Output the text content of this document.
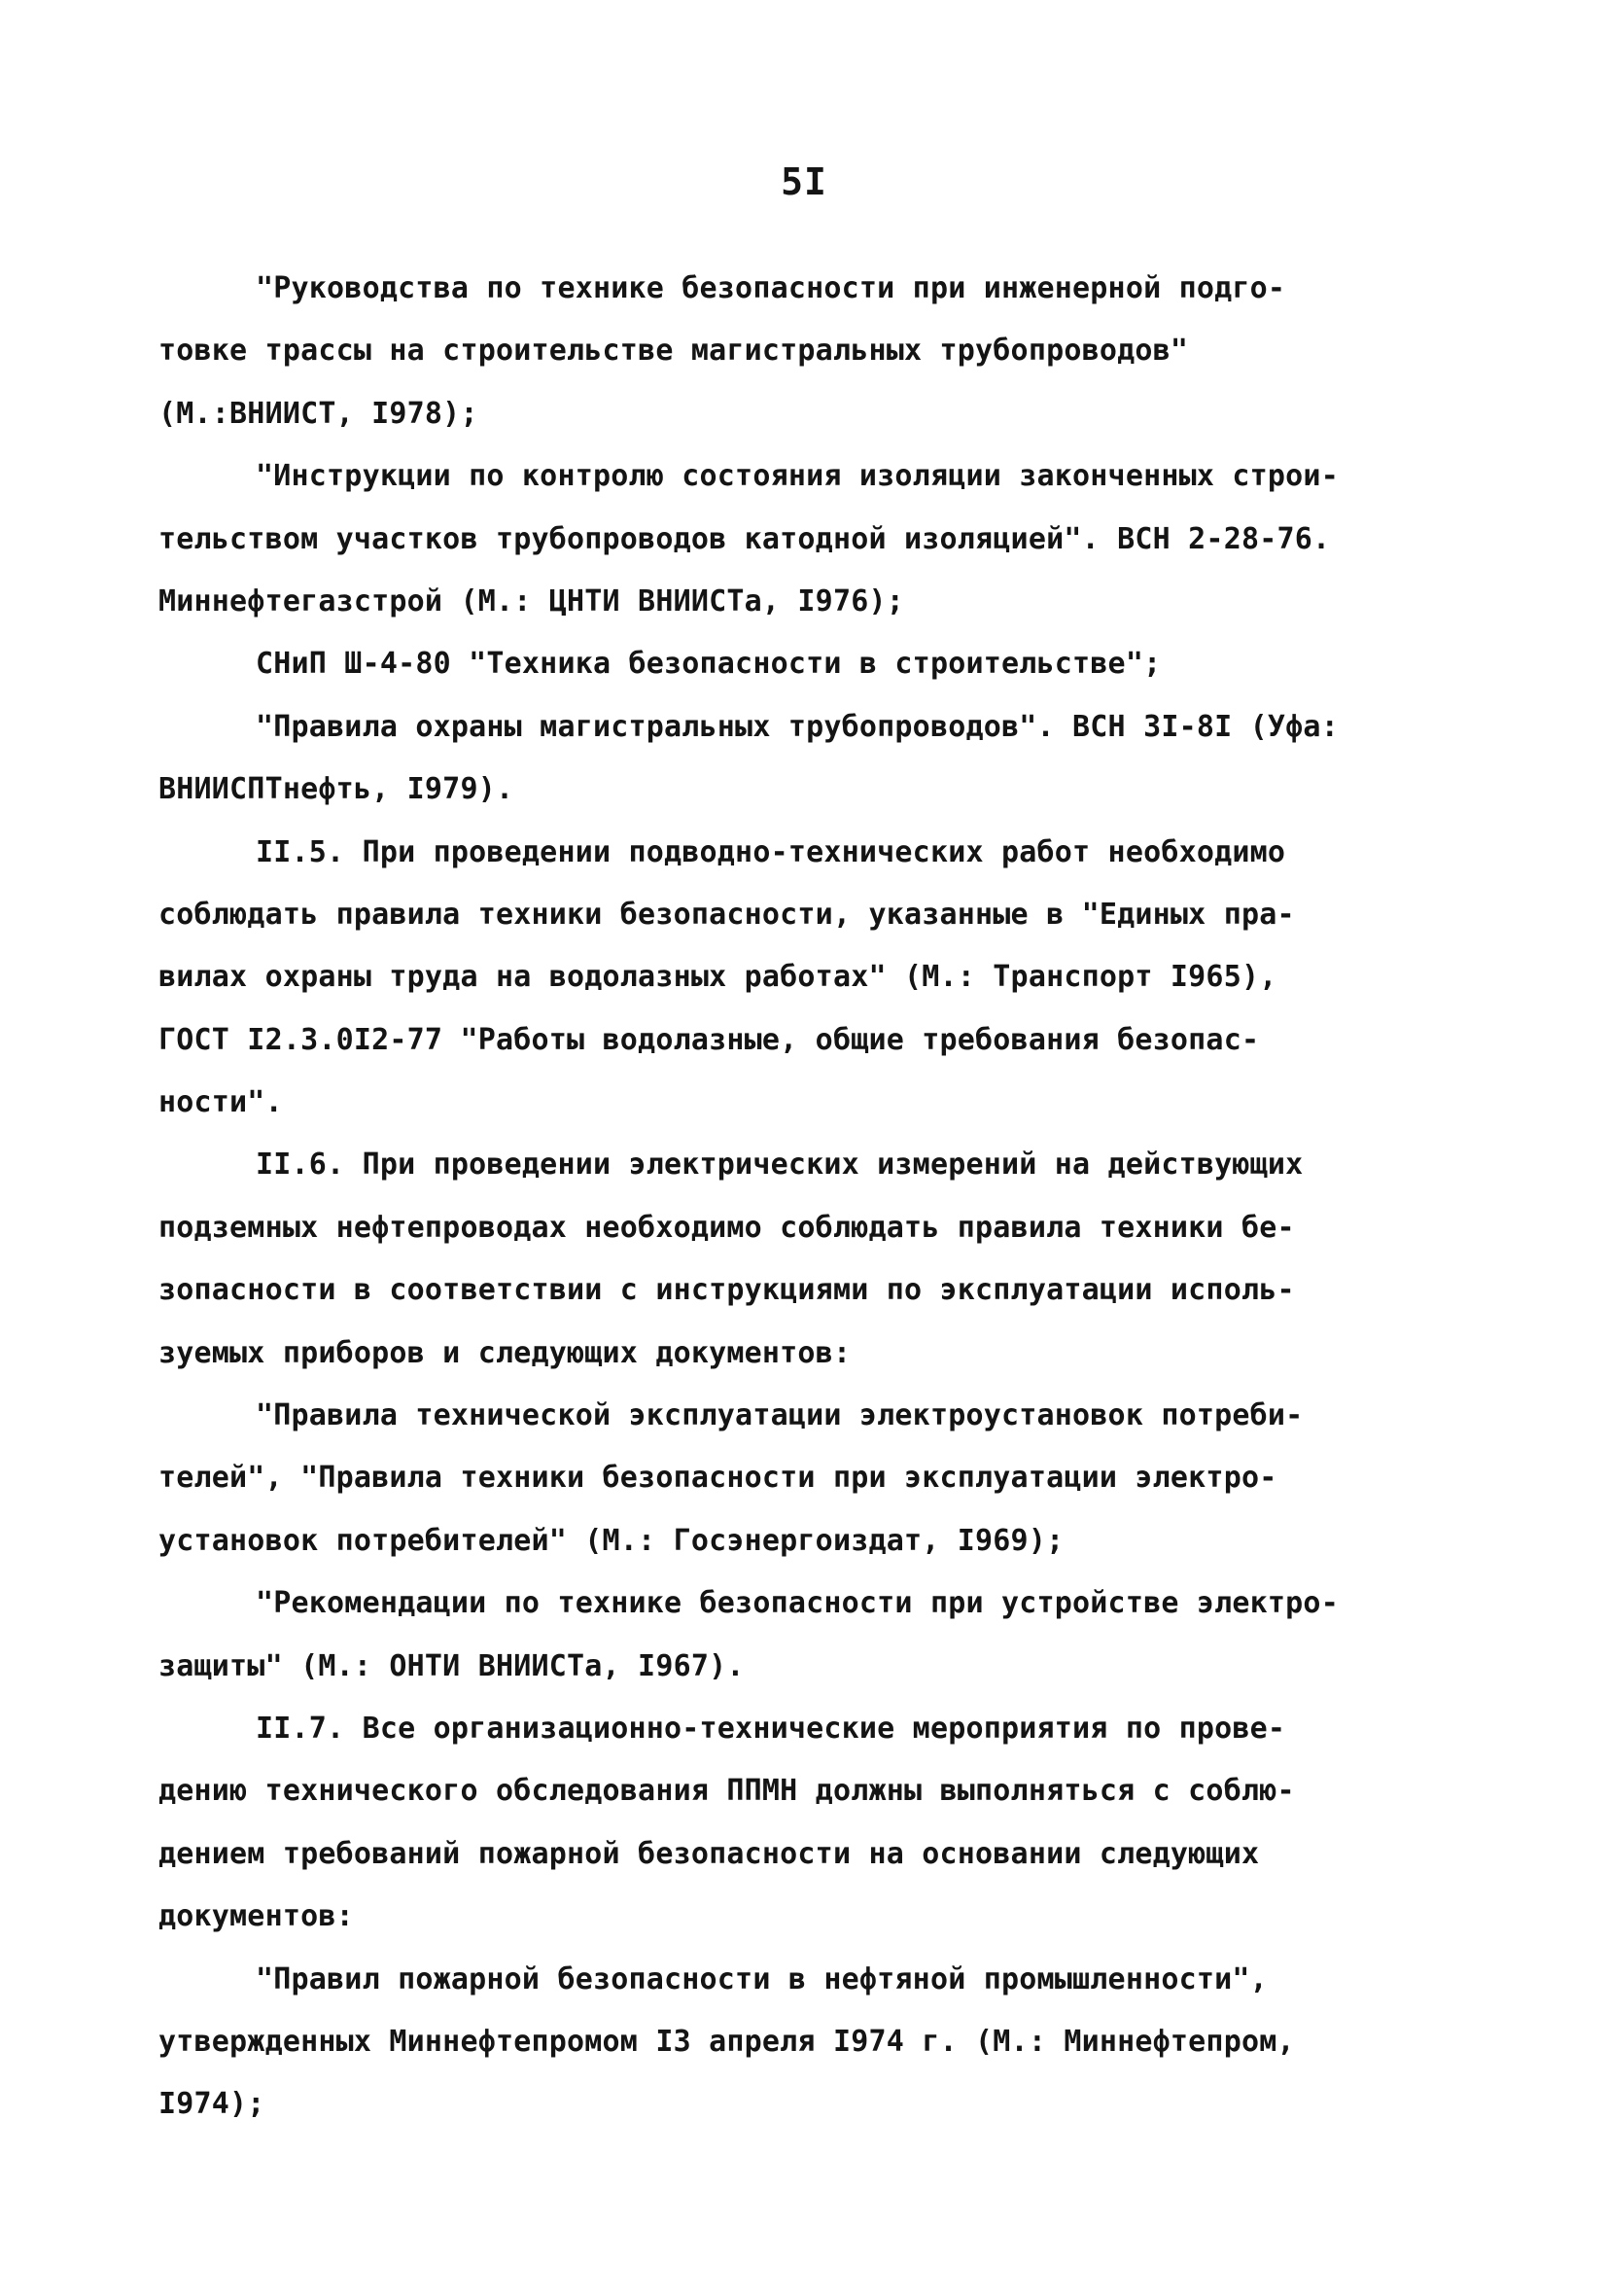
5I
"Руководства по технике безопасности при инженерной подго-
товке трассы на строительстве магистральных трубопроводов"
(М.:ВНИИСТ, I978);
"Инструкции по контролю состояния изоляции законченных строи-
тельством участков трубопроводов катодной изоляцией". ВСН 2-28-76.
Миннефтегазстрой (М.: ЦНТИ ВНИИСТа, I976);
СНиП Ш-4-80 "Техника безопасности в строительстве";
"Правила охраны магистральных трубопроводов". ВСН 3I-8I (Уфа:
ВНИИСПТнефть, I979).
II.5. При проведении подводно-технических работ необходимо
соблюдать правила техники безопасности, указанные в "Единых пра-
вилах охраны труда на водолазных работах" (М.: Транспорт I965),
ГОСТ I2.3.0I2-77 "Работы водолазные, общие требования безопас-
ности".
II.6. При проведении электрических измерений на действующих
подземных нефтепроводах необходимо соблюдать правила техники бе-
зопасности в соответствии с инструкциями по эксплуатации исполь-
зуемых приборов и следующих документов:
"Правила технической эксплуатации электроустановок потреби-
телей", "Правила техники безопасности при эксплуатации электро-
установок потребителей" (М.: Госэнергоиздат, I969);
"Рекомендации по технике безопасности при устройстве электро-
защиты" (М.: ОНТИ ВНИИСТа, I967).
II.7. Все организационно-технические мероприятия по прове-
дению технического обследования ППМН должны выполняться с соблю-
дением требований пожарной безопасности на основании следующих
документов:
"Правил пожарной безопасности в нефтяной промышленности",
утвержденных Миннефтепромом I3 апреля I974 г. (М.: Миннефтепром,
I974);
